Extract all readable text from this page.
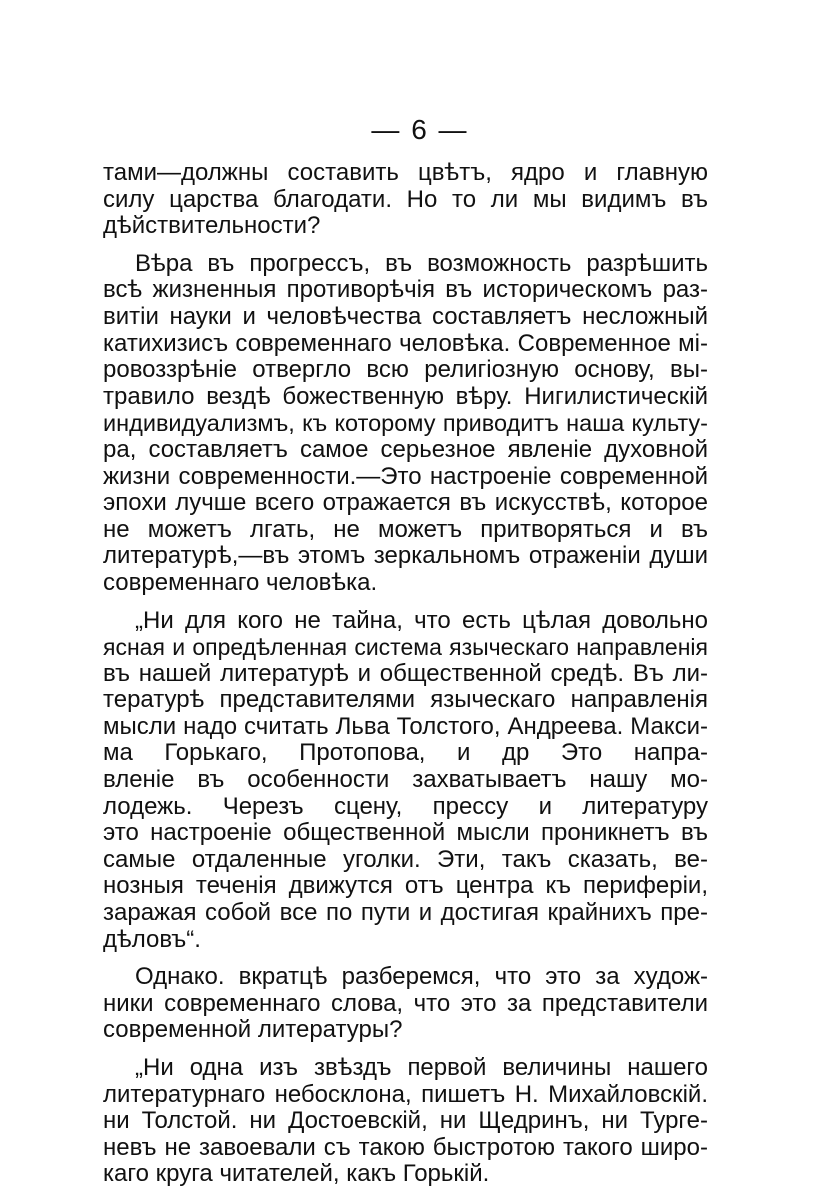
— 6 —
тами—должны составить цвѣтъ, ядро и главную
силу царства благодати. Но то ли мы видимъ въ
дѣйствительности?
Вѣра въ прогрессъ, въ возможность разрѣшить
всѣ жизненныя противорѣчія въ историческомъ раз-
витіи науки и человѣчества составляетъ несложный
катихизисъ современнаго человѣка. Современное мі-
ровоззрѣніе отвергло всю религіозную основу, вы-
травило вездѣ божественную вѣру. Нигилистическій
индивидуализмъ, къ которому приводитъ наша культу-
ра, составляетъ самое серьезное явленіе духовной
жизни современности.—Это настроеніе современной
эпохи лучше всего отражается въ искусствѣ, которое
не можетъ лгать, не можетъ притворяться и въ
литературѣ,—въ этомъ зеркальномъ отраженіи души
современнаго человѣка.
„Ни для кого не тайна, что есть цѣлая довольно
ясная и опредѣленная система языческаго направленія
въ нашей литературѣ и общественной средѣ. Въ ли-
тературѣ представителями языческаго направленія
мысли надо считать Льва Толстого, Андреева. Макси-
ма Горькаго, Протопова, и др Это напра-
вленіе въ особенности захватываетъ нашу мо-
лодежь. Черезъ сцену, прессу и литературу
это настроеніе общественной мысли проникнетъ въ
самые отдаленные уголки. Эти, такъ сказать, ве-
нозныя теченія движутся отъ центра къ периферіи,
заражая собой все по пути и достигая крайнихъ пре-
дѣловъ“.
Однако. вкратцѣ разберемся, что это за худож-
ники современнаго слова, что это за представители
современной литературы?
„Ни одна изъ звѣздъ первой величины нашего
литературнаго небосклона, пишетъ Н. Михайловскій.
ни Толстой. ни Достоевскій, ни Щедринъ, ни Турге-
невъ не завоевали съ такою быстротою такого широ-
каго круга читателей, какъ Горькій.
